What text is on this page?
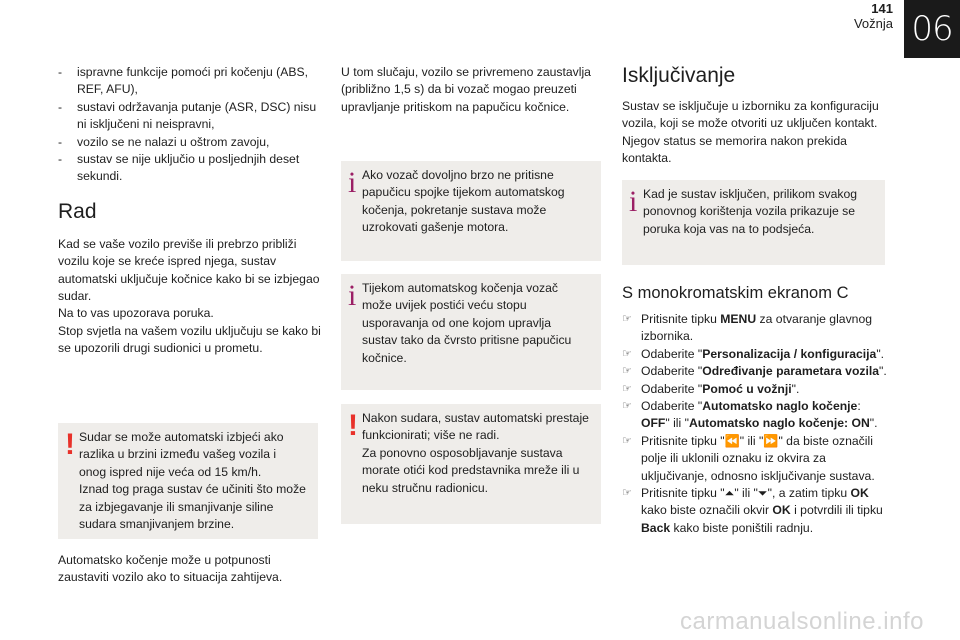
141
Vožnja 06
- ispravne funkcije pomoći pri kočenju (ABS, REF, AFU),
- sustavi održavanja putanje (ASR, DSC) nisu ni isključeni ni neispravni,
- vozilo se ne nalazi u oštrom zavoju,
- sustav se nije uključio u posljednjih deset sekundi.
Rad

Kad se vaše vozilo previše ili prebrzo približi vozilu koje se kreće ispred njega, sustav automatski uključuje kočnice kako bi se izbjegao sudar.

Na to vas upozorava poruka.

Stop svjetla na vašem vozilu uključuju se kako bi se upozorili drugi sudionici u prometu.

Automatsko kočenje može u potpunosti zaustaviti vozilo ako to situacija zahtijeva.

! Sudar se može automatski izbjeći ako razlika u brzini između vašeg vozila i onog ispred nije veća od 15 km/h.

Iznad tog praga sustav će učiniti što može za izbjegavanje ili smanjivanje siline sudara smanjivanjem brzine.

U tom slučaju, vozilo se privremeno zaustavlja (približno 1,5 s) da bi vozač mogao preuzeti upravljanje pritiskom na papučicu kočnice.

i Ako vozač dovoljno brzo ne pritisne papučicu spojke tijekom automatskog kočenja, pokretanje sustava može uzrokovati gašenje motora.

i Tijekom automatskog kočenja vozač može uvijek postići veću stopu usporavanja od one kojom upravlja sustav tako da čvrsto pritisne papučicu kočnice.

! Nakon sudara, sustav automatski prestaje funkcionirati; više ne radi.

Za ponovno osposobljavanje sustava morate otići kod predstavnika mreže ili u neku stručnu radionicu.

Isključivanje

Sustav se isključuje u izborniku za konfiguraciju vozila, koji se može otvoriti uz uključen kontakt. Njegov status se memorira nakon prekida kontakta.

i Kad je sustav isključen, prilikom svakog ponovnog korištenja vozila prikazuje se poruka koja vas na to podsjeća.

S monokromatskim ekranom C
☞ Pritisnite tipku MENU za otvaranje glavnog izbornika.
☞ Odaberite "Personalizacija / konfiguracija".
☞ Odaberite "Određivanje parametara vozila".
☞ Odaberite "Pomoć u vožnji".
☞ Odaberite "Automatsko naglo kočenje: OFF" ili "Automatsko naglo kočenje: ON".
☞ Pritisnite tipku "⏪" ili "⏩" da biste označili polje ili uklonili oznaku iz okvira za uključivanje, odnosno isključivanje sustava.
☞ Pritisnite tipku "⏶" ili "⏷", a zatim tipku OK kako biste označili okvir OK i potvrdili ili tipku Back kako biste poništili radnju.
carmanualsonline.info
